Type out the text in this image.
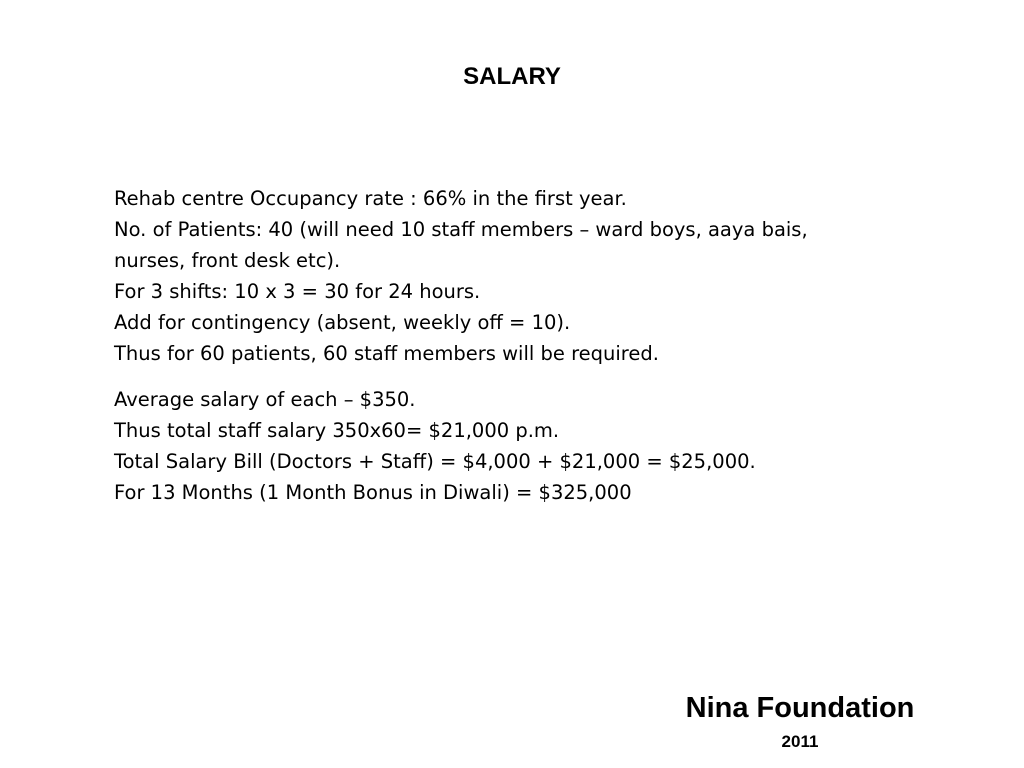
SALARY

Rehab centre Occupancy rate : 66% in the first year.
No. of Patients: 40 (will need 10 staff members – ward boys, aaya bais,
nurses, front desk etc).
For 3 shifts: 10 x 3 = 30 for 24 hours.
Add for contingency (absent, weekly off = 10).
Thus for 60 patients, 60 staff members will be required.

Average salary of each – $350.
Thus total staff salary 350x60= $21,000 p.m.
Total Salary Bill (Doctors + Staff) = $4,000 + $21,000 = $25,000.
For 13 Months (1 Month Bonus in Diwali) = $325,000

Nina Foundation
2011
